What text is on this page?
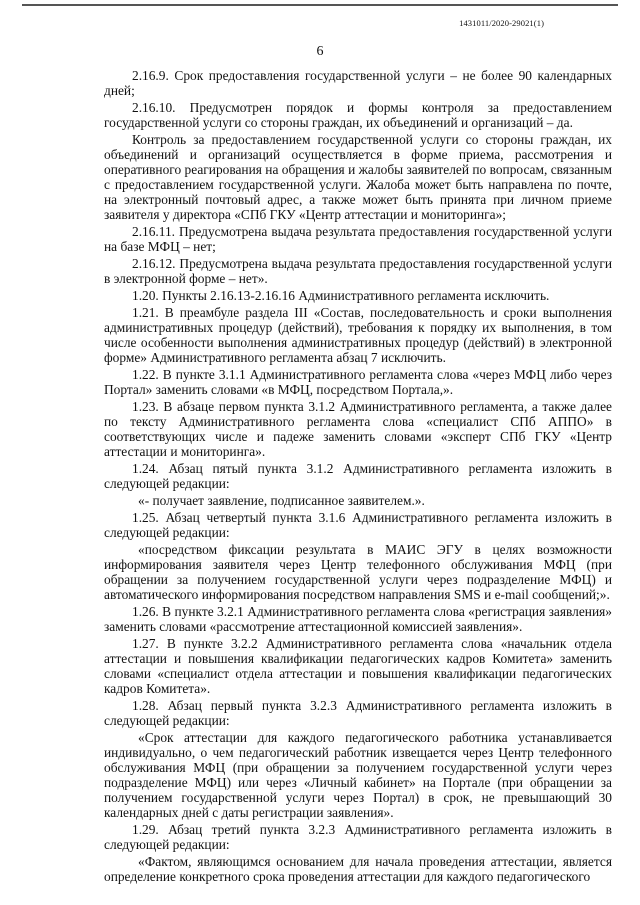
1431011/2020-29021(1)
6

2.16.9. Срок предоставления государственной услуги – не более 90 календарных дней;

2.16.10. Предусмотрен порядок и формы контроля за предоставлением государственной услуги со стороны граждан, их объединений и организаций – да.

Контроль за предоставлением государственной услуги со стороны граждан, их объединений и организаций осуществляется в форме приема, рассмотрения и оперативного реагирования на обращения и жалобы заявителей по вопросам, связанным с предоставлением государственной услуги. Жалоба может быть направлена по почте, на электронный почтовый адрес, а также может быть принята при личном приеме заявителя у директора «СПб ГКУ «Центр аттестации и мониторинга»;

2.16.11. Предусмотрена выдача результата предоставления государственной услуги на базе МФЦ – нет;

2.16.12. Предусмотрена выдача результата предоставления государственной услуги в электронной форме – нет».

1.20. Пункты 2.16.13-2.16.16 Административного регламента исключить.

1.21. В преамбуле раздела III «Состав, последовательность и сроки выполнения административных процедур (действий), требования к порядку их выполнения, в том числе особенности выполнения административных процедур (действий) в электронной форме» Административного регламента абзац 7 исключить.

1.22. В пункте 3.1.1 Административного регламента слова «через МФЦ либо через Портал» заменить словами «в МФЦ, посредством Портала,».

1.23. В абзаце первом пункта 3.1.2 Административного регламента, а также далее по тексту Административного регламента слова «специалист СПб АППО» в соответствующих числе и падеже заменить словами «эксперт СПб ГКУ «Центр аттестации и мониторинга».

1.24. Абзац пятый пункта 3.1.2 Административного регламента изложить в следующей редакции:

«- получает заявление, подписанное заявителем.».

1.25. Абзац четвертый пункта 3.1.6 Административного регламента изложить в следующей редакции:

«посредством фиксации результата в МАИС ЭГУ в целях возможности информирования заявителя через Центр телефонного обслуживания МФЦ (при обращении за получением государственной услуги через подразделение МФЦ) и автоматического информирования посредством направления SMS и e-mail сообщений;».

1.26. В пункте 3.2.1 Административного регламента слова «регистрация заявления» заменить словами «рассмотрение аттестационной комиссией заявления».

1.27. В пункте 3.2.2 Административного регламента слова «начальник отдела аттестации и повышения квалификации педагогических кадров Комитета» заменить словами «специалист отдела аттестации и повышения квалификации педагогических кадров Комитета».

1.28. Абзац первый пункта 3.2.3 Административного регламента изложить в следующей редакции:

«Срок аттестации для каждого педагогического работника устанавливается индивидуально, о чем педагогический работник извещается через Центр телефонного обслуживания МФЦ (при обращении за получением государственной услуги через подразделение МФЦ) или через «Личный кабинет» на Портале (при обращении за получением государственной услуги через Портал) в срок, не превышающий 30 календарных дней с даты регистрации заявления».

1.29. Абзац третий пункта 3.2.3 Административного регламента изложить в следующей редакции:

«Фактом, являющимся основанием для начала проведения аттестации, является определение конкретного срока проведения аттестации для каждого педагогического
